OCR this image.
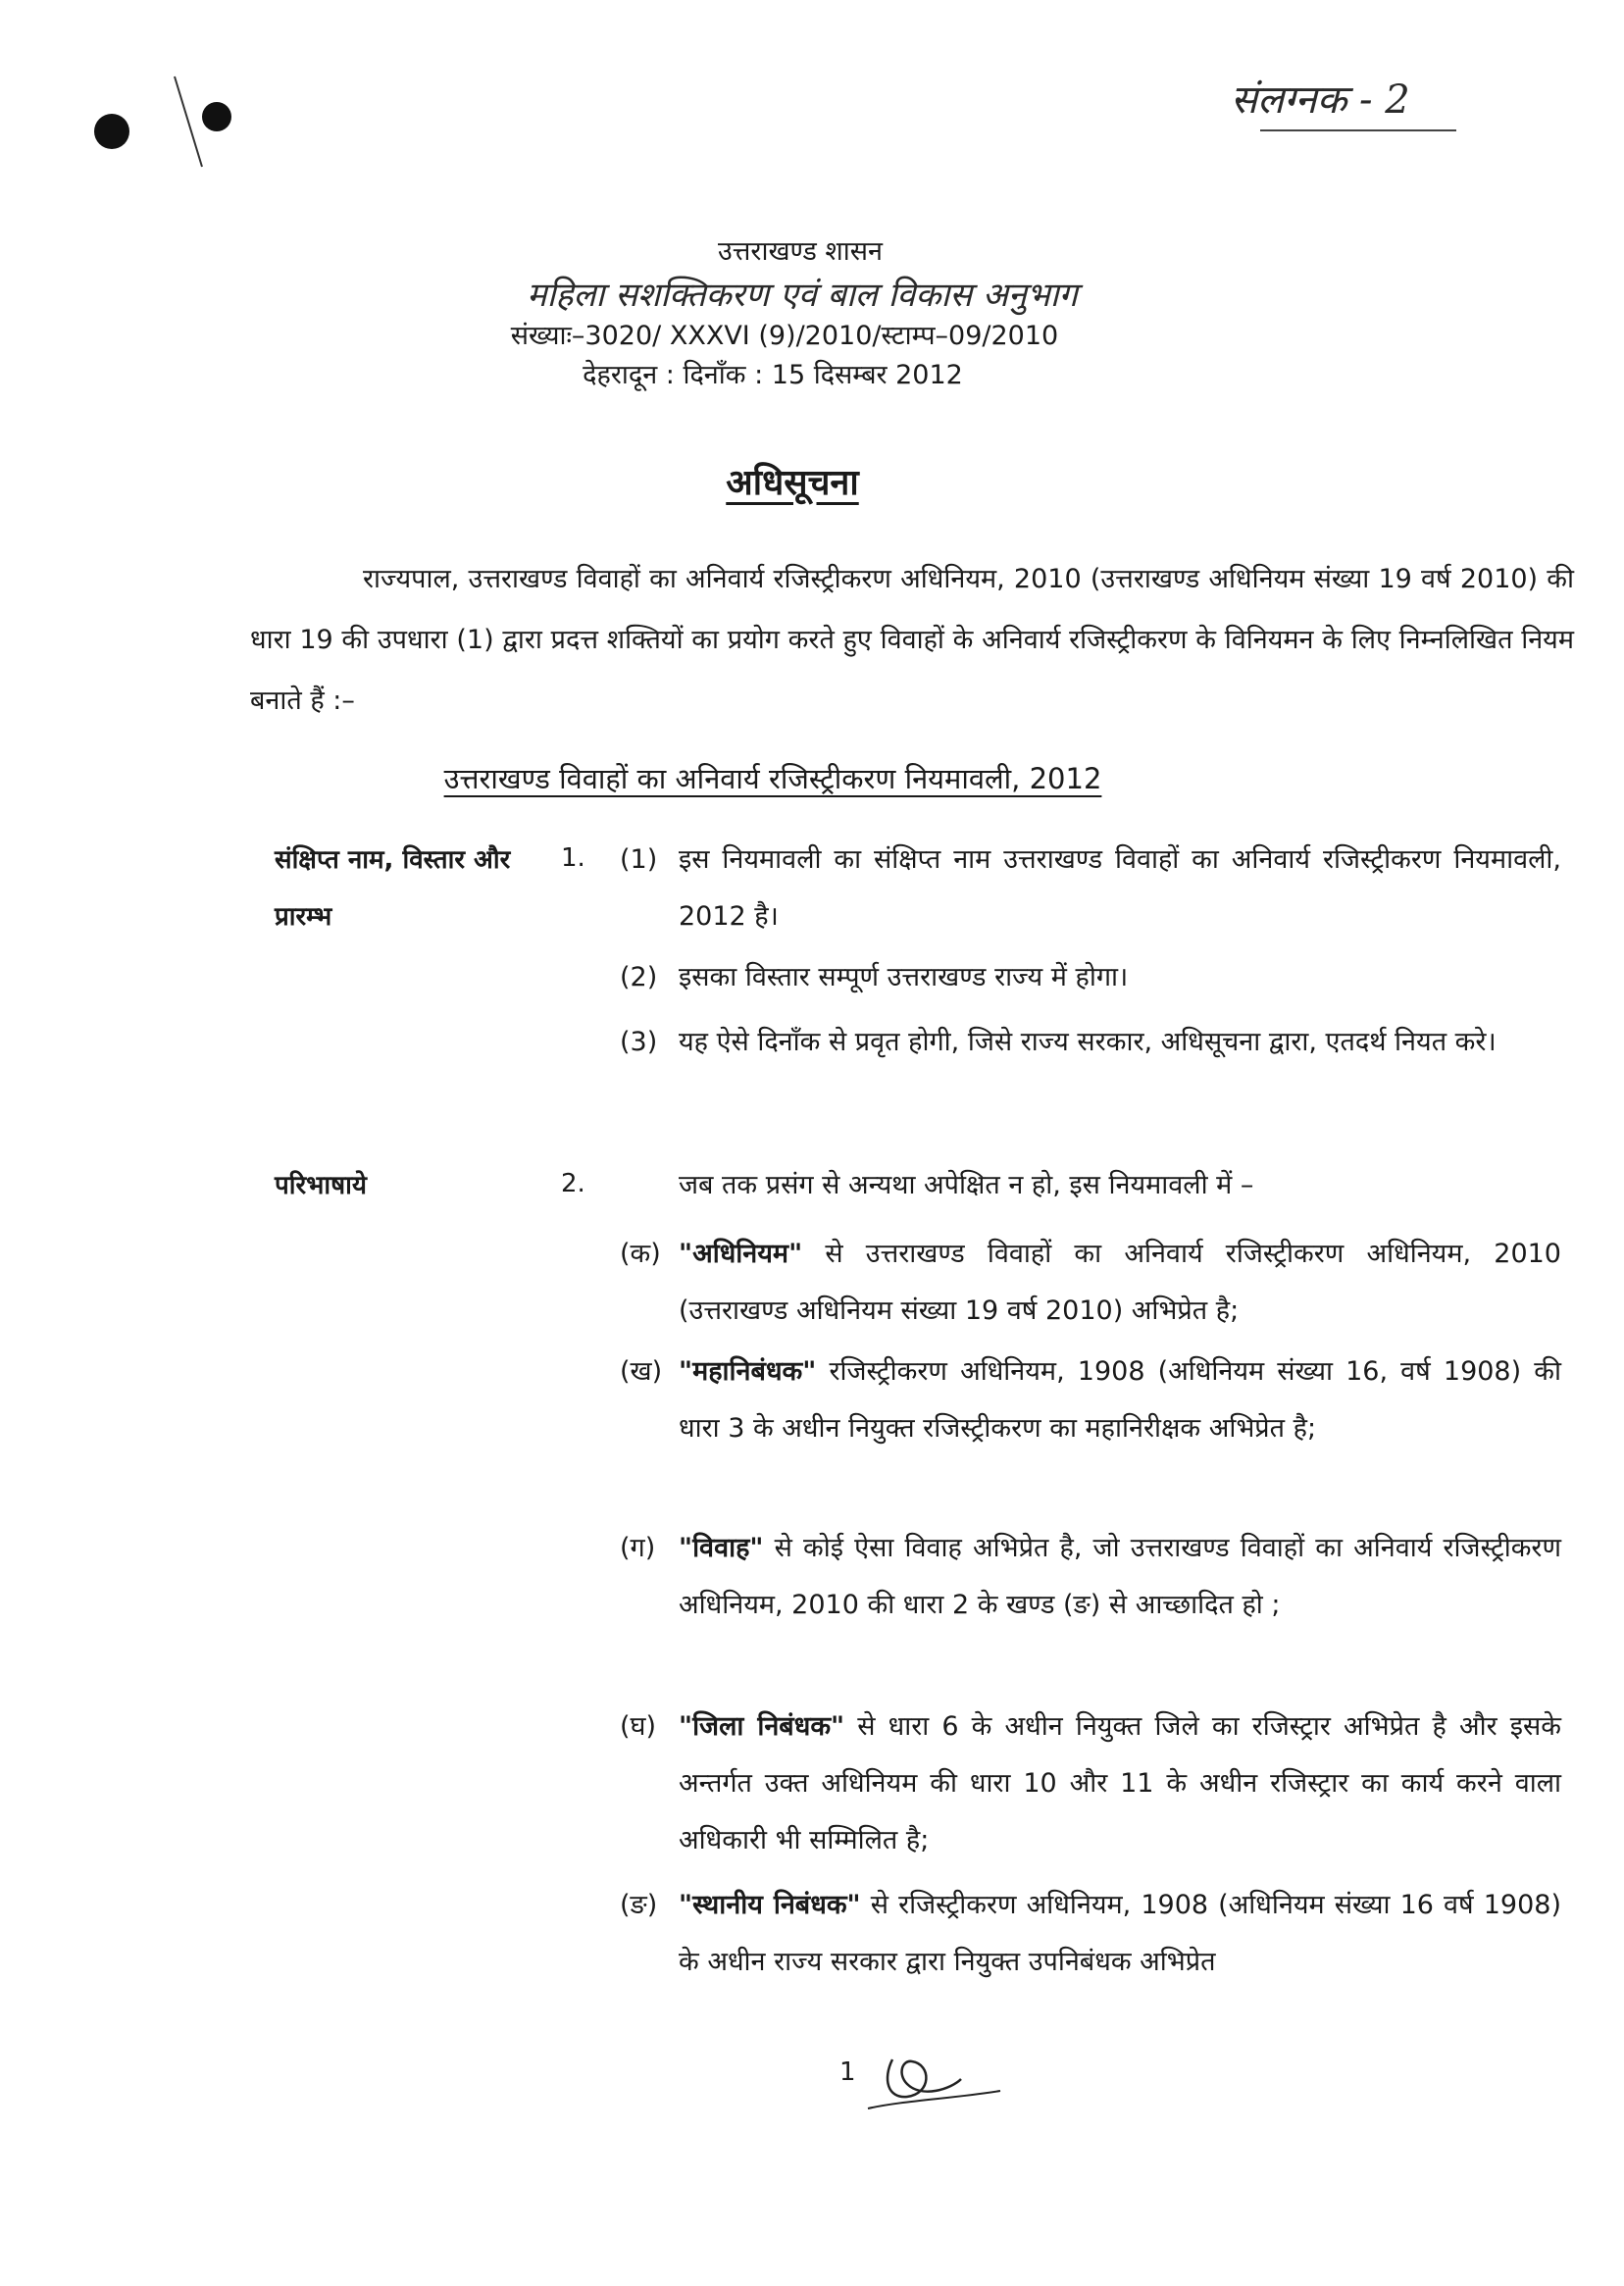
संलग्नक - 2
उत्तराखण्ड शासन
महिला सशक्तिकरण एवं बाल विकास अनुभाग
संख्याः–3020/ XXXVI (9)/2010/स्टाम्प–09/2010
देहरादून : दिनाँक : 15 दिसम्बर 2012
अधिसूचना
राज्यपाल, उत्तराखण्ड विवाहों का अनिवार्य रजिस्ट्रीकरण अधिनियम, 2010 (उत्तराखण्ड अधिनियम संख्या 19 वर्ष 2010) की धारा 19 की उपधारा (1) द्वारा प्रदत्त शक्तियों का प्रयोग करते हुए विवाहों के अनिवार्य रजिस्ट्रीकरण के विनियमन के लिए निम्नलिखित नियम बनाते हैं :–
उत्तराखण्ड विवाहों का अनिवार्य रजिस्ट्रीकरण नियमावली, 2012
संक्षिप्त नाम, विस्तार और प्रारम्भ
1. (1) इस नियमावली का संक्षिप्त नाम उत्तराखण्ड विवाहों का अनिवार्य रजिस्ट्रीकरण नियमावली, 2012 है।
(2) इसका विस्तार सम्पूर्ण उत्तराखण्ड राज्य में होगा।
(3) यह ऐसे दिनाँक से प्रवृत होगी, जिसे राज्य सरकार, अधिसूचना द्वारा, एतदर्थ नियत करे।
परिभाषाये	2.	जब तक प्रसंग से अन्यथा अपेक्षित न हो, इस नियमावली में –
(क) "अधिनियम" से उत्तराखण्ड विवाहों का अनिवार्य रजिस्ट्रीकरण अधिनियम, 2010 (उत्तराखण्ड अधिनियम संख्या 19 वर्ष 2010) अभिप्रेत है;
(ख) "महानिबंधक" रजिस्ट्रीकरण अधिनियम, 1908 (अधिनियम संख्या 16, वर्ष 1908) की धारा 3 के अधीन नियुक्त रजिस्ट्रीकरण का महानिरीक्षक अभिप्रेत है;
(ग) "विवाह" से कोई ऐसा विवाह अभिप्रेत है, जो उत्तराखण्ड विवाहों का अनिवार्य रजिस्ट्रीकरण अधिनियम, 2010 की धारा 2 के खण्ड (ङ) से आच्छादित हो ;
(घ) "जिला निबंधक" से धारा 6 के अधीन नियुक्त जिले का रजिस्ट्रार अभिप्रेत है और इसके अन्तर्गत उक्त अधिनियम की धारा 10 और 11 के अधीन रजिस्ट्रार का कार्य करने वाला अधिकारी भी सम्मिलित है;
(ङ) "स्थानीय निबंधक" से रजिस्ट्रीकरण अधिनियम, 1908 (अधिनियम संख्या 16 वर्ष 1908) के अधीन राज्य सरकार द्वारा नियुक्त उपनिबंधक अभिप्रेत
1
